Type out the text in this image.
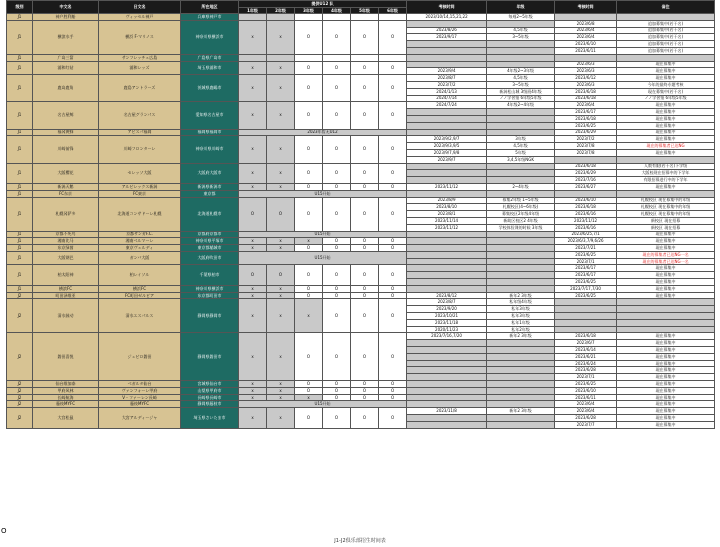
级别	中文名	日文名	所在地区	提供U12 队						考核时间	年级	考核时间	备注
				1年级	2年级	3年级	4年级	5年级	6年级				
J1	神户胜利船	ヴィッセル神戸	兵庫県神戸市							2023/10/14,15,21,22	毎週2~5年级		
J1	横滨水手	横浜 F·マリノス	神奈川県横浜市	x	x	O	O	O	O			2023/6/8	追加募集中(若干名)
										2023/8/26	4,5年级	2023/6/4	追加募集中(若干名)
										2023/9/17	3~5年级	2023/6/4	追加募集中(若干名)
												2023/6/10	追加募集中(若干名)
												2023/6/11	追加募集中(若干名)
J1	广岛三箭	サンフレッチェ広島	广島県广岛市										
J1	浦和红钻	浦和レッズ	埼玉県浦和市	x	x	O	O	O	O			2023/6/3	現在募集中
										2023/9/4	4年级2~3年级	2023/6/3	現在募集中
J1	鹿岛鹿角	鹿島アントラーズ	茨城県鹿嶋市	x	x	O	O	O	O	2023/8/7	4,5年级	2023/6/12	現在募集中
										2023/7/2	3~5年级	2023/6/3	今年的最终专题考核
										2024/1/13	新潟松山城 3级班4年级	2023/6/18	現在募集中(若干名)
										2024/7/14	ノノ学習塾 6年级5年级	2023/6/18	ノノ学習塾 6年级5年级
J1	名古屋鲸	名古屋グランパス	愛知県名古屋市	x	x	O	O	O	O	2024/7/24	4年级2~4年级	2023/6/4	現在募集中
												2023/6/17	現在募集中
												2023/6/18	現在募集中
												2023/6/25	現在募集中
J1	福冈黄蜂	アビスパ福岡	福岡県福岡市	2023年暂无U12								2023/6/29	現在募集中
J1	川崎前锋	川崎フロンターレ	神奈川県川崎市	x	x	O	O	O	O	2023/9/2,9/7	3年级	2023/7/2	現在募集中
										2023/9/3,9/5	4,5年级	2023/7/8	現在的募集者已达NG
										2023/9/7,9/8	5年级	2023/7/8	現在募集中
										2023/9/7	3,4,5年级NGK		
J1	大阪樱花	セレッソ大阪	大阪府大阪市	x	x	O	O	O	O			2023/6/18	人数有限(若干名)下学级
												2023/6/29	大阪校现在招募中的下学年
												2023/7/16	有限招募进行中的下学年
J1	新潟天鹅	アルビレックス新潟	新潟県新潟市	x	x	O	O	O	O	2023/11/12	2~4年级	2023/6/27	現在募集中
J1	FC东京	FC東京	東京都	U15开始									
J1	札幌冈萨多	北海道コンサドーレ札幌	北海道札幌市	O	O	O	O	O	O	2023/8/9	募集2年级 1~5年级	2023/6/10	札幌校区 现在募集中的年级
										2023/8/10	札幌校区(4~6年级)	2023/6/18	札幌校区 现在募集中的年级
										2023/8/1	募集校区2年级4年级	2023/6/16	札幌校区 现在募集中的年级
										2023/11/14	新助区校区2 4年级	2023/11/12	新校区 現在招募
										2023/11/12	学校体验课的时候 3年级	2023/6/16	新校区 現在招募
J1	京都不死鸟	京都サンガF.C.	京都府京都市	U15开始								2023/6/25,7/1	現在募集中
J1	湘南比马	湘南ベルマーレ	神奈川県平塚市	x	x	x	O	O	O			2023/6/3,7/9,6/26	現在募集中
J1	东京绿茵	東京ヴェルディ	東京都稲城市	x	x	O	O	O	O			2023/7/21	現在募集中
J1	大阪钢巴	ガンバ大阪	大阪府吹田市	U15开始								2023/6/25	現在的募集者已达NG一名
												2023/7/1	現在的募集者已达NG一名
J1	柏太阳神	柏レイソル	千葉県柏市	O	O	O	O	O	O			2023/6/17	現在募集中
												2023/6/17	現在募集中
												2023/6/25	現在募集中
J1	横滨FC	横浜FC	神奈川県横浜市	x	x	O	O	O	O			2023/7/17,7/30	現在募集中
J2	町田泽维亚	FC町田ゼルビア	东京都町田市	x	x	O	O	O	O	2023/8/12	新年2 3年级	2023/6/25	現在募集中
J2	清水鼓动	清水エスパルス	静岡県静岡市	x	x	x	O	O	O	2023/8/7	私年级4年级		
										2023/9/20	私年3年级		
										2023/10/21	私年3年级		
										2023/11/18	私年1年级		
										2020/11/23	私年2年级		
J2	磐田喜悦	ジュビロ磐田	静岡県磐田市	x	x	O	O	O	O	2023/7/16,7/20	新年2 3年级	2023/6/18	現在募集中
												2023/6/7	現在募集中
												2023/6/14	現在募集中
												2023/6/21	現在募集中
												2023/6/24	現在募集中
												2023/6/28	現在募集中
												2023/7/1	現在募集中
J2	仙台维加泰	ベガルタ仙台	宮城県仙台市	x	x	O	O	O	O			2023/6/25	現在募集中
J2	甲府风林	ヴァンフォーレ甲府	山梨県甲府市	x	x	O	O	O	O			2023/6/10	現在募集中
J2	长崎航海	V・ファーレン長崎	長崎県長崎市	x	x	x	O	O	O			2023/6/11	現在募集中
J2	藤枝MYFC	藤枝MYFC	静岡県藤枝市	U15开始								2023/6/4	現在募集中
J2	大宫松鼠	大宮アルディージャ	埼玉県さいたま市	x	x	O	O	O	O	2023/11/8	新年2 3年级	2023/6/4	現在募集中
												2023/6/28	現在募集中
												2023/7/7	現在募集中
O
J1-J2俱乐部招生时间表
